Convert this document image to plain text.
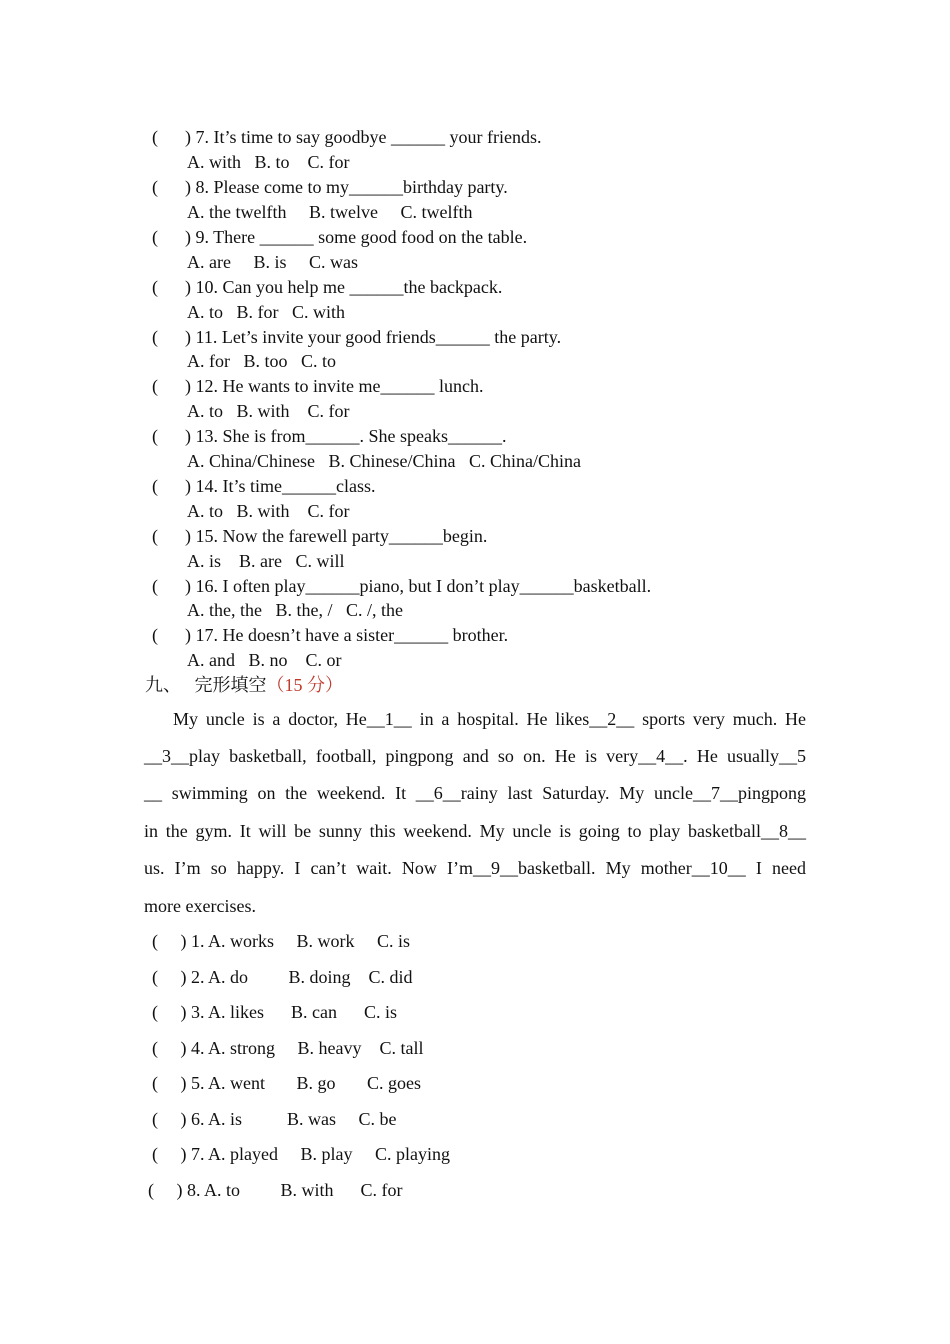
(      ) 7. It’s time to say goodbye ______ your friends.
A. with   B. to    C. for
(      ) 8. Please come to my______birthday party.
A. the twelfth     B. twelve     C. twelfth
(      ) 9. There ______ some good food on the table.
A. are     B. is     C. was
(      ) 10. Can you help me ______the backpack.
A. to   B. for   C. with
(      ) 11. Let’s invite your good friends______ the party.
A. for   B. too   C. to
(      ) 12. He wants to invite me______ lunch.
A. to   B. with    C. for
(      ) 13. She is from______. She speaks______.
A. China/Chinese   B. Chinese/China   C. China/China
(      ) 14. It’s time______class.
A. to   B. with    C. for
(      ) 15. Now the farewell party______begin.
A. is    B. are   C. will
(      ) 16. I often play______piano, but I don’t play______basketball.
A. the, the   B. the, /   C. /, the
(      ) 17. He doesn’t have a sister______ brother.
A. and   B. no    C. or
九、   完形填空（15 分）
My uncle is a doctor, He__1__ in a hospital. He likes__2__ sports very much. He
__3__play basketball, football, pingpong and so on. He is very__4__. He usually__5
__ swimming on the weekend. It __6__rainy last Saturday. My uncle__7__pingpong
in the gym. It will be sunny this weekend. My uncle is going to play basketball__8__
us. I’m so happy. I can’t wait. Now I’m__9__basketball. My mother__10__ I need
more exercises.
(     ) 1. A. works     B. work     C. is
(     ) 2. A. do         B. doing    C. did
(     ) 3. A. likes      B. can      C. is
(     ) 4. A. strong     B. heavy    C. tall
(     ) 5. A. went       B. go       C. goes
(     ) 6. A. is          B. was     C. be
(     ) 7. A. played     B. play     C. playing
(     ) 8. A. to         B. with      C. for
